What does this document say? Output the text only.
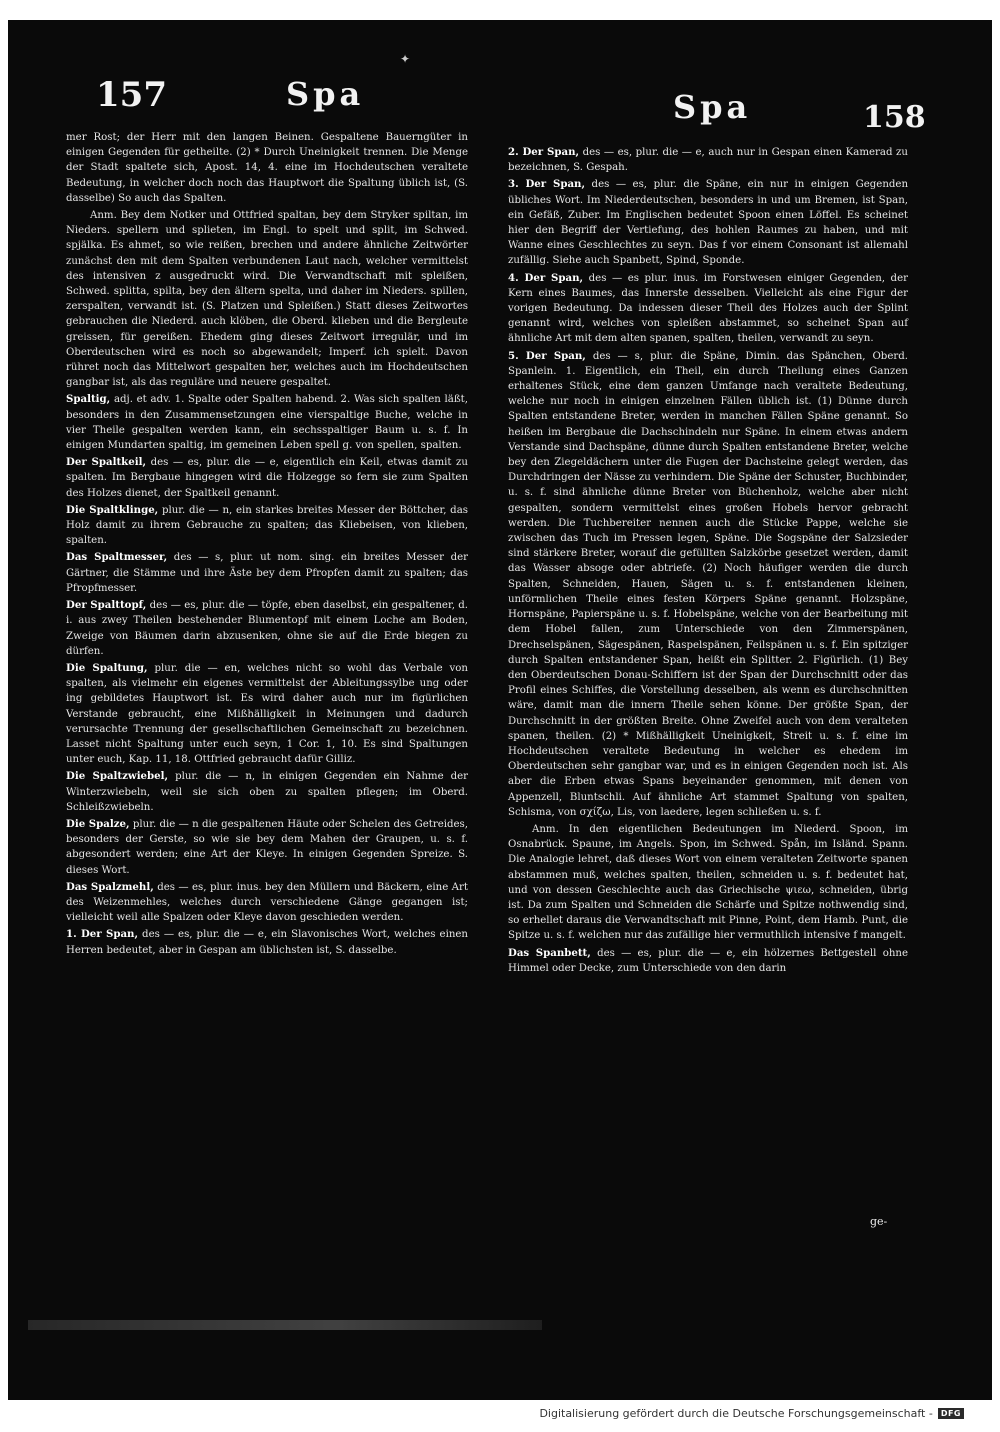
✦
157	Spa	Spa	158

mer Rost; der Herr mit den langen Beinen. Gespaltene Bauerngüter in einigen Gegenden für getheilte. (2) * Durch Uneinigkeit trennen. Die Menge der Stadt spaltete sich, Apost. 14, 4. eine im Hochdeutschen veraltete Bedeutung, in welcher doch noch das Hauptwort die Spaltung üblich ist, (S. dasselbe) So auch das Spalten.

Anm. Bey dem Notker und Ottfried spaltan, bey dem Stryker spiltan, im Nieders. spellern und splieten, im Engl. to spelt und split, im Schwed. spjälka. Es ahmet, so wie reißen, brechen und andere ähnliche Zeitwörter zunächst den mit dem Spalten verbundenen Laut nach, welcher vermittelst des intensiven z ausgedruckt wird. Die Verwandtschaft mit spleißen, Schwed. splitta, spilta, bey den ältern spelta, und daher im Nieders. spillen, zerspalten, verwandt ist. (S. Platzen und Spleißen.) Statt dieses Zeitwortes gebrauchen die Niederd. auch klöben, die Oberd. klieben und die Bergleute greissen, für gereißen. Ehedem ging dieses Zeitwort irregulär, und im Oberdeutschen wird es noch so abgewandelt; Imperf. ich spielt. Davon rühret noch das Mittelwort gespalten her, welches auch im Hochdeutschen gangbar ist, als das reguläre und neuere gespaltet.

Spaltig, adj. et adv. 1. Spalte oder Spalten habend. 2. Was sich spalten läßt, besonders in den Zusammensetzungen eine vierspaltige Buche, welche in vier Theile gespalten werden kann, ein sechsspaltiger Baum u. s. f. In einigen Mundarten spaltig, im gemeinen Leben spell g. von spellen, spalten.

Der Spaltkeil, des — es, plur. die — e, eigentlich ein Keil, etwas damit zu spalten. Im Bergbaue hingegen wird die Holzegge so fern sie zum Spalten des Holzes dienet, der Spaltkeil genannt.

Die Spaltklinge, plur. die — n, ein starkes breites Messer der Böttcher, das Holz damit zu ihrem Gebrauche zu spalten; das Kliebeisen, von klieben, spalten.

Das Spaltmesser, des — s, plur. ut nom. sing. ein breites Messer der Gärtner, die Stämme und ihre Äste bey dem Pfropfen damit zu spalten; das Pfropfmesser.

Der Spalttopf, des — es, plur. die — töpfe, eben daselbst, ein gespaltener, d. i. aus zwey Theilen bestehender Blumentopf mit einem Loche am Boden, Zweige von Bäumen darin abzusenken, ohne sie auf die Erde biegen zu dürfen.

Die Spaltung, plur. die — en, welches nicht so wohl das Verbale von spalten, als vielmehr ein eigenes vermittelst der Ableitungssylbe ung oder ing gebildetes Hauptwort ist. Es wird daher auch nur im figürlichen Verstande gebraucht, eine Mißhälligkeit in Meinungen und dadurch verursachte Trennung der gesellschaftlichen Gemeinschaft zu bezeichnen. Lasset nicht Spaltung unter euch seyn, 1 Cor. 1, 10. Es sind Spaltungen unter euch, Kap. 11, 18. Ottfried gebraucht dafür Gilliz.

Die Spaltzwiebel, plur. die — n, in einigen Gegenden ein Nahme der Winterzwiebeln, weil sie sich oben zu spalten pflegen; im Oberd. Schleißzwiebeln.

Die Spalze, plur. die — n die gespaltenen Häute oder Schelen des Getreides, besonders der Gerste, so wie sie bey dem Mahen der Graupen, u. s. f. abgesondert werden; eine Art der Kleye. In einigen Gegenden Spreize. S. dieses Wort.

Das Spalzmehl, des — es, plur. inus. bey den Müllern und Bäckern, eine Art des Weizenmehles, welches durch verschiedene Gänge gegangen ist; vielleicht weil alle Spalzen oder Kleye davon geschieden werden.

1. Der Span, des — es, plur. die — e, ein Slavonisches Wort, welches einen Herren bedeutet, aber in Gespan am üblichsten ist, S. dasselbe.

2. Der Span, des — es, plur. die — e, auch nur in Gespan einen Kamerad zu bezeichnen, S. Gespah.

3. Der Span, des — es, plur. die Späne, ein nur in einigen Gegenden übliches Wort. Im Niederdeutschen, besonders in und um Bremen, ist Span, ein Gefäß, Zuber. Im Englischen bedeutet Spoon einen Löffel. Es scheinet hier den Begriff der Vertiefung, des hohlen Raumes zu haben, und mit Wanne eines Geschlechtes zu seyn. Das f vor einem Consonant ist allemahl zufällig. Siehe auch Spanbett, Spind, Sponde.

4. Der Span, des — es plur. inus. im Forstwesen einiger Gegenden, der Kern eines Baumes, das Innerste desselben. Vielleicht als eine Figur der vorigen Bedeutung. Da indessen dieser Theil des Holzes auch der Splint genannt wird, welches von spleißen abstammet, so scheinet Span auf ähnliche Art mit dem alten spanen, spalten, theilen, verwandt zu seyn.

5. Der Span, des — s, plur. die Späne, Dimin. das Spänchen, Oberd. Spanlein. 1. Eigentlich, ein Theil, ein durch Theilung eines Ganzen erhaltenes Stück, eine dem ganzen Umfange nach veraltete Bedeutung, welche nur noch in einigen einzelnen Fällen üblich ist. (1) Dünne durch Spalten entstandene Breter, werden in manchen Fällen Späne genannt. So heißen im Bergbaue die Dachschindeln nur Späne. In einem etwas andern Verstande sind Dachspäne, dünne durch Spalten entstandene Breter, welche bey den Ziegeldächern unter die Fugen der Dachsteine gelegt werden, das Durchdringen der Nässe zu verhindern. Die Späne der Schuster, Buchbinder, u. s. f. sind ähnliche dünne Breter von Büchenholz, welche aber nicht gespalten, sondern vermittelst eines großen Hobels hervor gebracht werden. Die Tuchbereiter nennen auch die Stücke Pappe, welche sie zwischen das Tuch im Pressen legen, Späne. Die Sogspäne der Salzsieder sind stärkere Breter, worauf die gefüllten Salzkörbe gesetzet werden, damit das Wasser absoge oder abtriefe. (2) Noch häufiger werden die durch Spalten, Schneiden, Hauen, Sägen u. s. f. entstandenen kleinen, unförmlichen Theile eines festen Körpers Späne genannt. Holzspäne, Hornspäne, Papierspäne u. s. f. Hobelspäne, welche von der Bearbeitung mit dem Hobel fallen, zum Unterschiede von den Zimmerspänen, Drechselspänen, Sägespänen, Raspelspänen, Feilspänen u. s. f. Ein spitziger durch Spalten entstandener Span, heißt ein Splitter. 2. Figürlich. (1) Bey den Oberdeutschen Donau-Schiffern ist der Span der Durchschnitt oder das Profil eines Schiffes, die Vorstellung desselben, als wenn es durchschnitten wäre, damit man die innern Theile sehen könne. Der größte Span, der Durchschnitt in der größten Breite. Ohne Zweifel auch von dem veralteten spanen, theilen. (2) * Mißhälligkeit Uneinigkeit, Streit u. s. f. eine im Hochdeutschen veraltete Bedeutung in welcher es ehedem im Oberdeutschen sehr gangbar war, und es in einigen Gegenden noch ist. Als aber die Erben etwas Spans beyeinander genommen, mit denen von Appenzell, Bluntschli. Auf ähnliche Art stammet Spaltung von spalten, Schisma, von σχίζω, Lis, von laedere, legen schließen u. s. f.

Anm. In den eigentlichen Bedeutungen im Niederd. Spoon, im Osnabrück. Spaune, im Angels. Spon, im Schwed. Spån, im Isländ. Spann. Die Analogie lehret, daß dieses Wort von einem veralteten Zeitworte spanen abstammen muß, welches spalten, theilen, schneiden u. s. f. bedeutet hat, und von dessen Geschlechte auch das Griechische ψιεω, schneiden, übrig ist. Da zum Spalten und Schneiden die Schärfe und Spitze nothwendig sind, so erhellet daraus die Verwandtschaft mit Pinne, Point, dem Hamb. Punt, die Spitze u. s. f. welchen nur das zufällige hier vermuthlich intensive f mangelt.

Das Spanbett, des — es, plur. die — e, ein hölzernes Bettgestell ohne Himmel oder Decke, zum Unterschiede von den darin

ge-
Digitalisierung gefördert durch die Deutsche Forschungsgemeinschaft -	DFG
